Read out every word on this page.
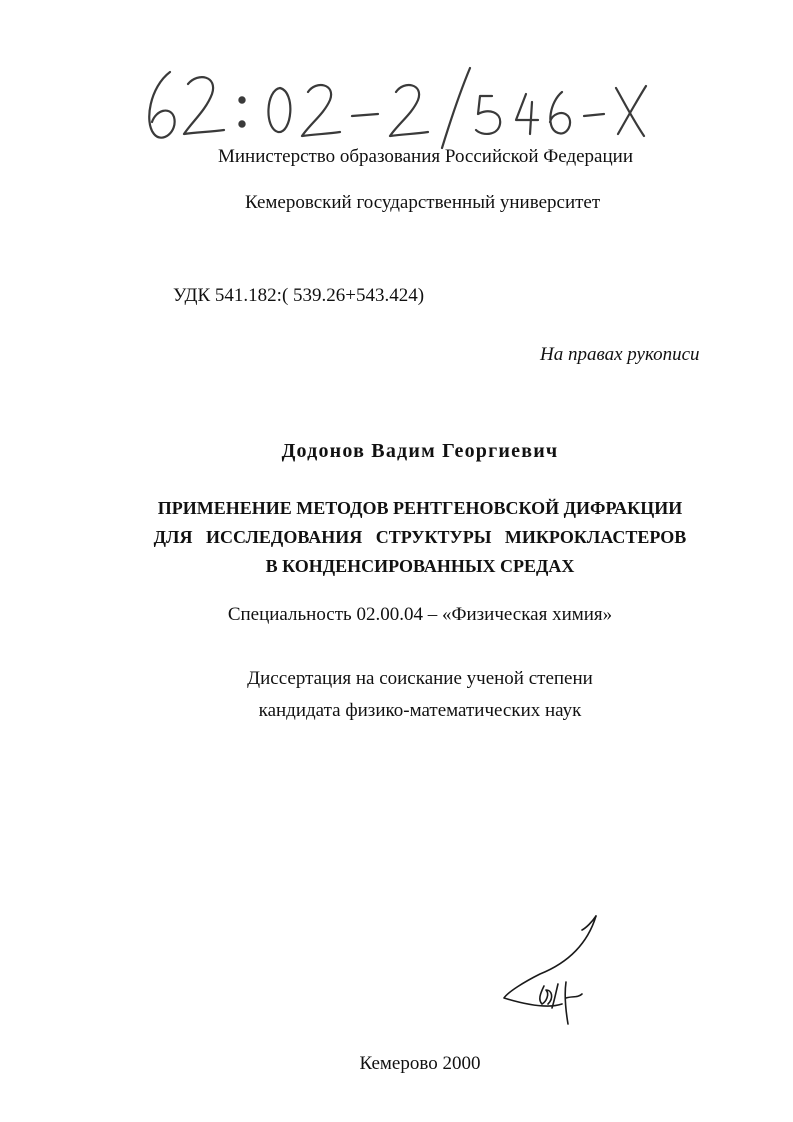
Министерство образования Российской Федерации
Кемеровский государственный университет
УДК 541.182:( 539.26+543.424)
На правах рукописи
Додонов Вадим Георгиевич
ПРИМЕНЕНИЕ МЕТОДОВ РЕНТГЕНОВСКОЙ ДИФРАКЦИИ
ДЛЯ ИССЛЕДОВАНИЯ СТРУКТУРЫ МИКРОКЛАСТЕРОВ
В КОНДЕНСИРОВАННЫХ СРЕДАХ
Специальность 02.00.04 – «Физическая химия»
Диссертация на соискание ученой степени
кандидата физико-математических наук
Кемерово 2000
